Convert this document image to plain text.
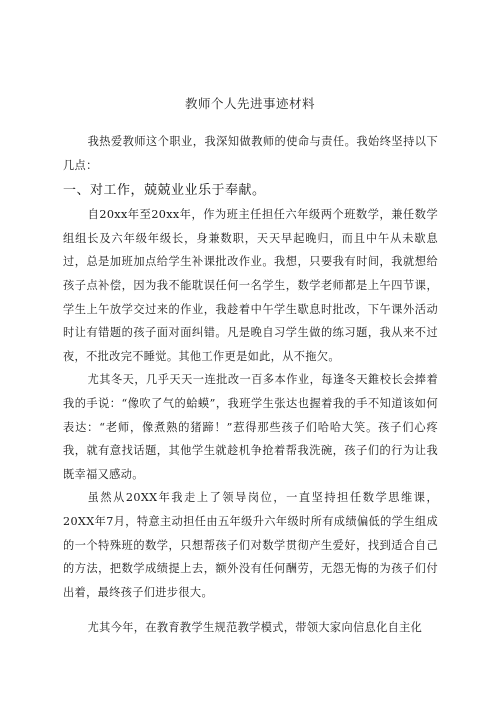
教师个人先进事迹材料

我热爱教师这个职业，我深知做教师的使命与责任。我始终坚持以下几点：

一、对工作，兢兢业业乐于奉献。

自20xx年至20xx年，作为班主任担任六年级两个班数学，兼任数学组组长及六年级年级长，身兼数职，天天早起晚归，而且中午从未歇息过，总是加班加点给学生补课批改作业。我想，只要我有时间，我就想给孩子点补偿，因为我不能耽误任何一名学生，数学老师都是上午四节课，学生上午放学交过来的作业，我趁着中午学生歇息时批改，下午课外活动时让有错题的孩子面对面纠错。凡是晚自习学生做的练习题，我从来不过夜，不批改完不睡觉。其他工作更是如此，从不拖欠。

尤其冬天，几乎天天一连批改一百多本作业，每逢冬天錐校长会捧着我的手说：“像吹了气的蛤蟆”，我班学生张达也握着我的手不知道该如何表达：“老师，像煮熟的猪蹄！”惹得那些孩子们哈哈大笑。孩子们心疼我，就有意找话题，其他学生就趁机争抢着帮我洗碗，孩子们的行为让我既幸福又感动。

虽然从20XX年我走上了领导岗位，一直坚持担任数学思维课，20XX年7月，特意主动担任由五年级升六年级时所有成绩偏低的学生组成的一个特殊班的数学，只想帮孩子们对数学贯彻产生爱好，找到适合自己的方法，把数学成绩提上去，额外没有任何酬劳，无怨无悔的为孩子们付出着，最终孩子们进步很大。

尤其今年，在教育教学生规范教学模式，带领大家向信息化自主化
